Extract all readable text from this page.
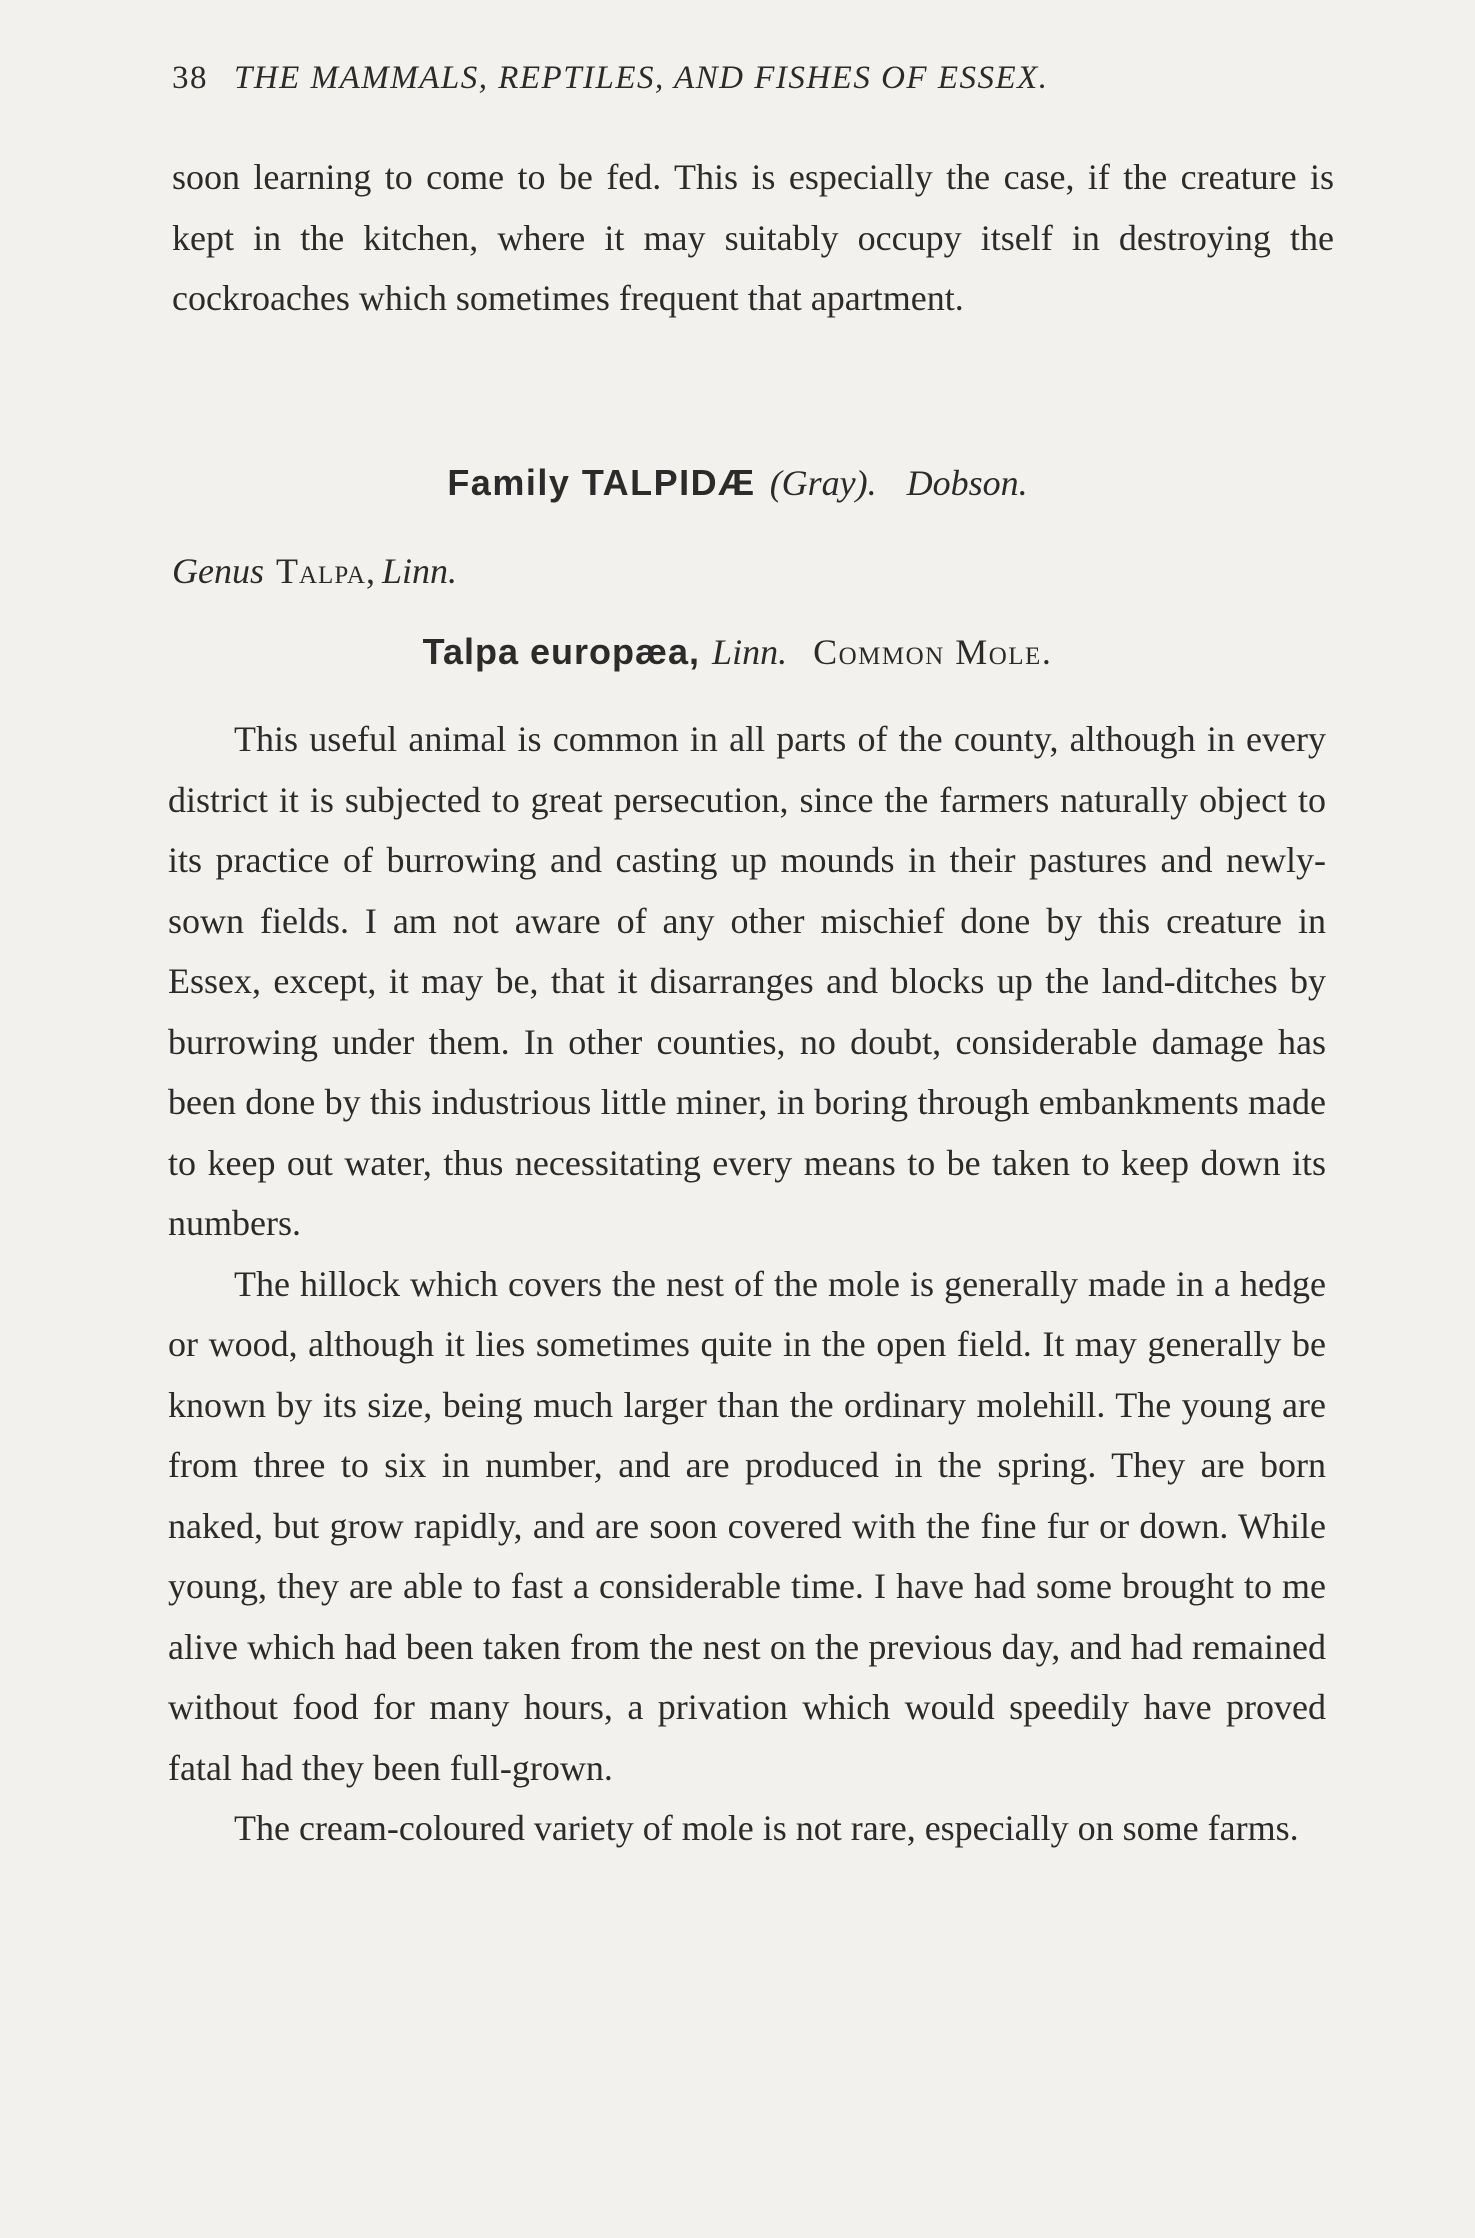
38 THE MAMMALS, REPTILES, AND FISHES OF ESSEX.

soon learning to come to be fed. This is especially the case, if the creature is kept in the kitchen, where it may suitably occupy itself in destroying the cockroaches which sometimes frequent that apartment.

Family TALPIDÆ (Gray). Dobson.
Genus Talpa, Linn.
Talpa europæa, Linn. Common Mole.

This useful animal is common in all parts of the county, although in every district it is subjected to great persecution, since the farmers naturally object to its practice of burrowing and casting up mounds in their pastures and newly-sown fields. I am not aware of any other mischief done by this creature in Essex, except, it may be, that it disarranges and blocks up the land-ditches by burrowing under them. In other counties, no doubt, considerable damage has been done by this industrious little miner, in boring through embankments made to keep out water, thus necessitating every means to be taken to keep down its numbers.

The hillock which covers the nest of the mole is generally made in a hedge or wood, although it lies sometimes quite in the open field. It may generally be known by its size, being much larger than the ordinary molehill. The young are from three to six in number, and are produced in the spring. They are born naked, but grow rapidly, and are soon covered with the fine fur or down. While young, they are able to fast a considerable time. I have had some brought to me alive which had been taken from the nest on the previous day, and had remained without food for many hours, a privation which would speedily have proved fatal had they been full-grown.

The cream-coloured variety of mole is not rare, especially on some farms.
